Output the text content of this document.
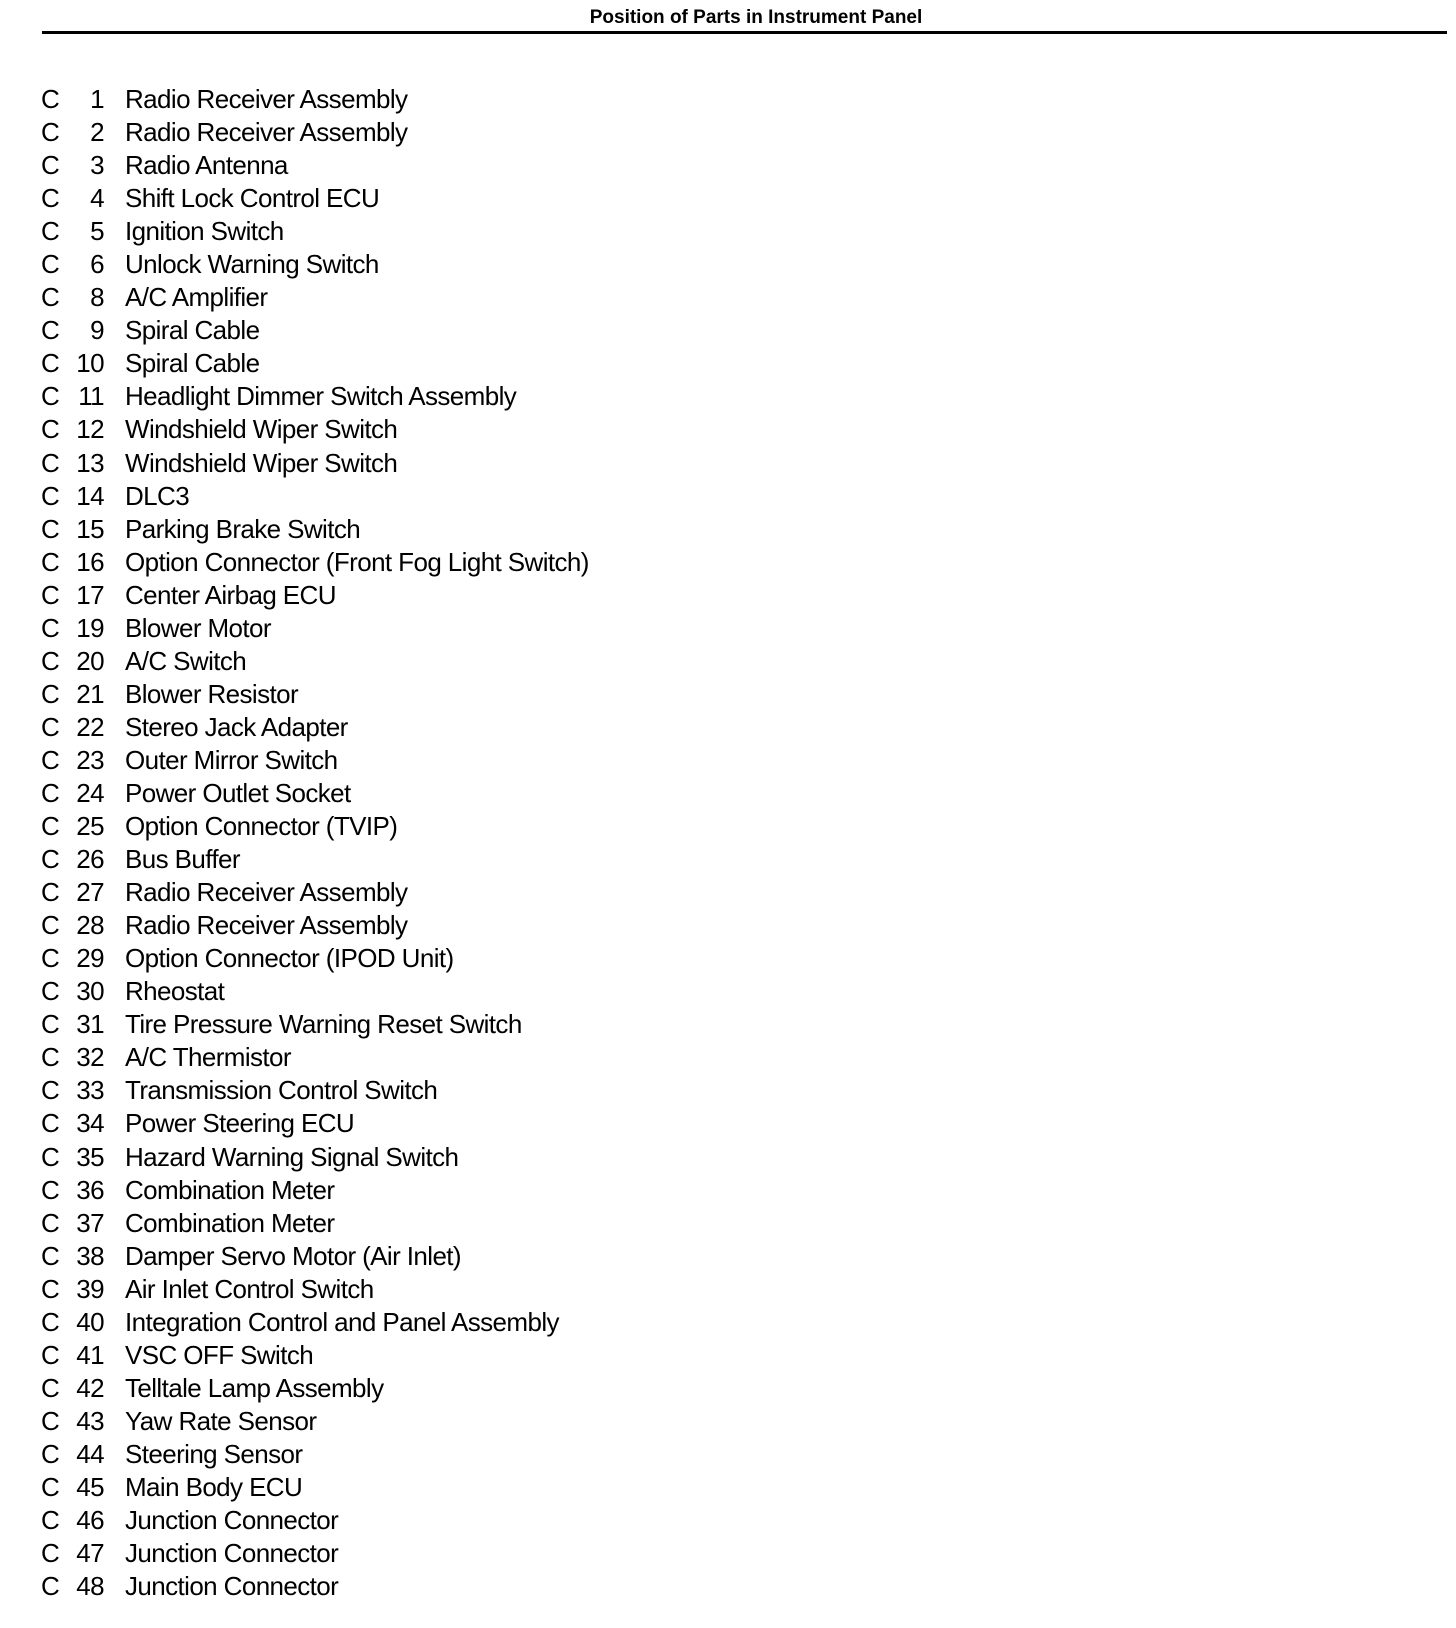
Position of Parts in Instrument Panel
C	1 Radio Receiver Assembly
C	2 Radio Receiver Assembly
C	3 Radio Antenna
C	4 Shift Lock Control ECU
C	5 Ignition Switch
C	6 Unlock Warning Switch
C	8 A/C Amplifier
C	9 Spiral Cable
C 10 Spiral Cable
C 11 Headlight Dimmer Switch Assembly
C 12 Windshield Wiper Switch
C 13 Windshield Wiper Switch
C 14 DLC3
C 15 Parking Brake Switch
C 16 Option Connector (Front Fog Light Switch)
C 17 Center Airbag ECU
C 19 Blower Motor
C 20 A/C Switch
C 21 Blower Resistor
C 22 Stereo Jack Adapter
C 23 Outer Mirror Switch
C 24 Power Outlet Socket
C 25 Option Connector (TVIP)
C 26 Bus Buffer
C 27 Radio Receiver Assembly
C 28 Radio Receiver Assembly
C 29 Option Connector (IPOD Unit)
C 30 Rheostat
C 31 Tire Pressure Warning Reset Switch
C 32 A/C Thermistor
C 33 Transmission Control Switch
C 34 Power Steering ECU
C 35 Hazard Warning Signal Switch
C 36 Combination Meter
C 37 Combination Meter
C 38 Damper Servo Motor (Air Inlet)
C 39 Air Inlet Control Switch
C 40 Integration Control and Panel Assembly
C 41 VSC OFF Switch
C 42 Telltale Lamp Assembly
C 43 Yaw Rate Sensor
C 44 Steering Sensor
C 45 Main Body ECU
C 46 Junction Connector
C 47 Junction Connector
C 48 Junction Connector
